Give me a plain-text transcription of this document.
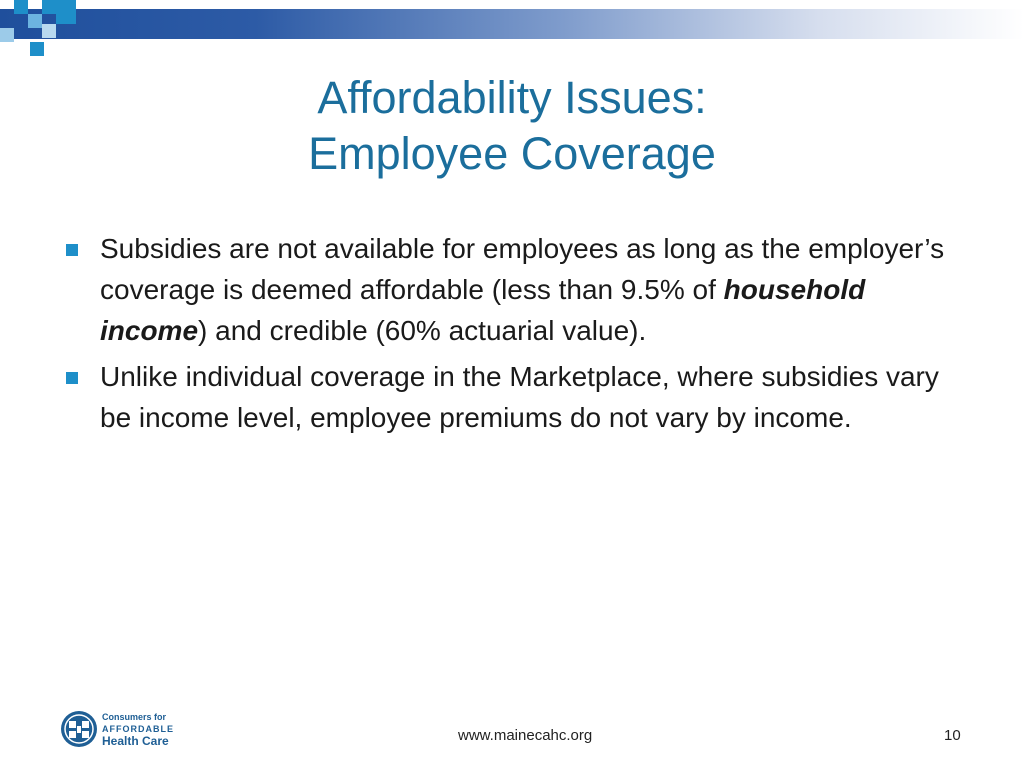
Affordability Issues:
Employee Coverage
Subsidies are not available for employees as long as the employer’s coverage is deemed affordable (less than 9.5% of household income) and credible (60% actuarial value).
Unlike individual coverage in the Marketplace, where subsidies vary be income level, employee premiums do not vary by income.
Consumers for
AFFORDABLE
Health Care	www.mainecahc.org	10
